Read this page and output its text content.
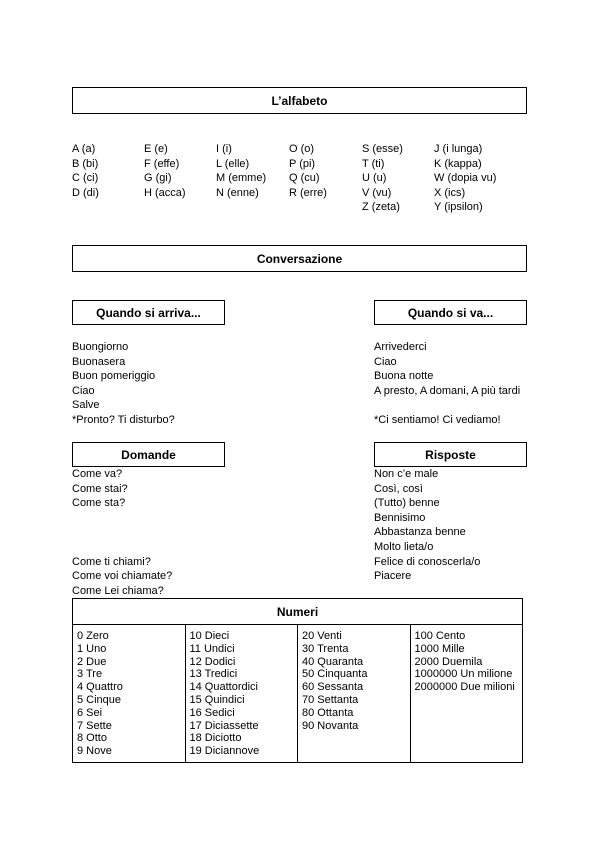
L’alfabeto
A (a)
B (bi)
C (ci)
D (di)
E (e)
F (effe)
G (gi)
H (acca)
I (i)
L (elle)
M (emme)
N (enne)
O (o)
P (pi)
Q (cu)
R (erre)
S (esse)
T (ti)
U (u)
V (vu)
Z (zeta)
J (i lunga)
K (kappa)
W (dopia vu)
X (ics)
Y (ipsilon)
Conversazione
Quando si arriva...	Quando si va...
Buongiorno
Buonasera
Buon pomeriggio
Ciao
Salve
*Pronto? Ti disturbo?
Arrivederci
Ciao
Buona notte
A presto, A domani, A più tardi

*Ci sentiamo! Ci vediamo!
Domande	Risposte
Come va?
Come stai?
Come sta?

Come ti chiami?
Come voi chiamate?
Come Lei chiama?
Non c’e male
Così, così
(Tutto) benne
Bennisimo
Abbastanza benne
Molto lieta/o
Felice di conoscerla/o
Piacere
Numeri
0 Zero
1 Uno
2 Due
3 Tre
4 Quattro
5 Cinque
6 Sei
7 Sette
8 Otto
9 Nove
10 Dieci
11 Undici
12 Dodici
13 Tredici
14 Quattordici
15 Quindici
16 Sedici
17 Diciassette
18 Diciotto
19 Diciannove
20 Venti
30 Trenta
40 Quaranta
50 Cinquanta
60 Sessanta
70 Settanta
80 Ottanta
90 Novanta
100 Cento
1000 Mille
2000 Duemila
1000000 Un milione
2000000 Due milioni
